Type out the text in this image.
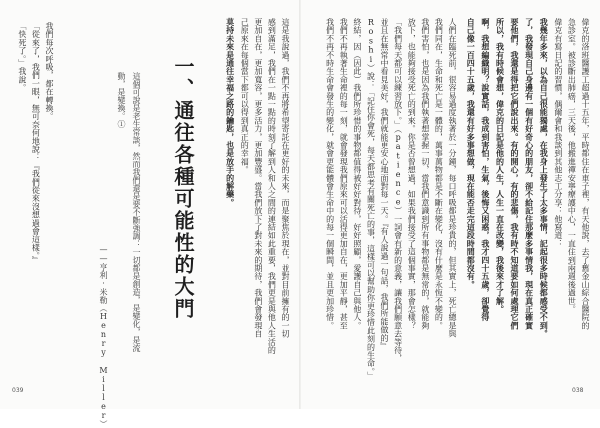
偉克的洛班醫護工超過十五年，平時都住在車子裡，有天他說，去了舊金山綜合醫院的
急診室。被診斷出肺癌，三天後，他搬進禪安寧療護中心，一直住到兩週後過世。
偉克有寫日記的習慣，偶爾會和我談到其他志工分享：他寫道：
我幾年多來，以為自己很能獨處，在我身上發生了太多事情，記起很多時候都感受不到。
了，我發現自己身邊有一個有好奇心的朋友，卻不給記住那麼多事情我，現在真正確實
要他們，我還是得把它們說出來。有的開心，有的悲傷，我有時不知道要如何處理它們
所以，我有時候會想，偉克的日記是他的人生，人生一直在改變，我後來才了解。
啊，我想編織明？說實話，我成到害怕，生氣，後悔又困惑，我才四十五歲，卻覺得
自己像一百四十五歲，我還有好多事想做，現在能否走完這段時間都沒有。
人們在臨死前，很容易過度執著於一分鐘，每口呼吸都是珍貴的，但其實上，死亡總是與
我們同在，生命和死亡是一體的，萬事萬物都是不斷在變化，沒有什麼是永恆不變的。
我們害怕，也是因為我們執著想掌握一切，當我們意識到所有事物都是無常的，就能夠
放下，也能夠接受死亡的到來。你是否曾想過，如果我們接受了這個事實，那會怎樣？
「我們每天都可以練習放下。」（patience）一詞會有新的意義，讓我們願意去等待，
並且在無常中看見美好，我們就能更安心地面對每一天。『有人說過一句話，我們所能做的』
Roshi）說：「記住你會死，每天都思考有關死亡的事，這樣可以幫助你更珍惜此刻的生命。」
終結，因（因此）我們所珍惜的事物都值得被好好對待，好好照顧，愛護自己與他人。
我們不再執著生命裡的每一刻，就會發現我們原來可以活得更加自在，更加平靜，甚至
我們不再不時生命會發生的變化，就會更能體會生命中的每一個瞬間，並且更加珍惜。
038
這是我說過，我們不再將希望寄託在更好的未來，而是聚焦於現在，並對目前擁有的一切
感到滿足，我們在一點一點的時刻了解到人和人之間的連結如此重要，我們更是與他人生活的
更加自在，更加寬容，更多活力，更加豐盛。當我們放下了對未來的期待，我們會發現自
己原來在每個當下都可以得到真正的幸福。
莫持未來是通往幸福之路的鑰匙，也是放手的解藥。
一、通往各種可能性的大門
這個可說是老生常談，然而我們還是要不斷強調：一切都是創造，是變化，是流
動，是變換。①
——亨利·米勒（Henry Miller）
我們每次呼吸，都在轉換。
「從來了，我們一眼，無可奈何地說：『我們從來沒想過會這樣。』
「快死了。」我說。
039
